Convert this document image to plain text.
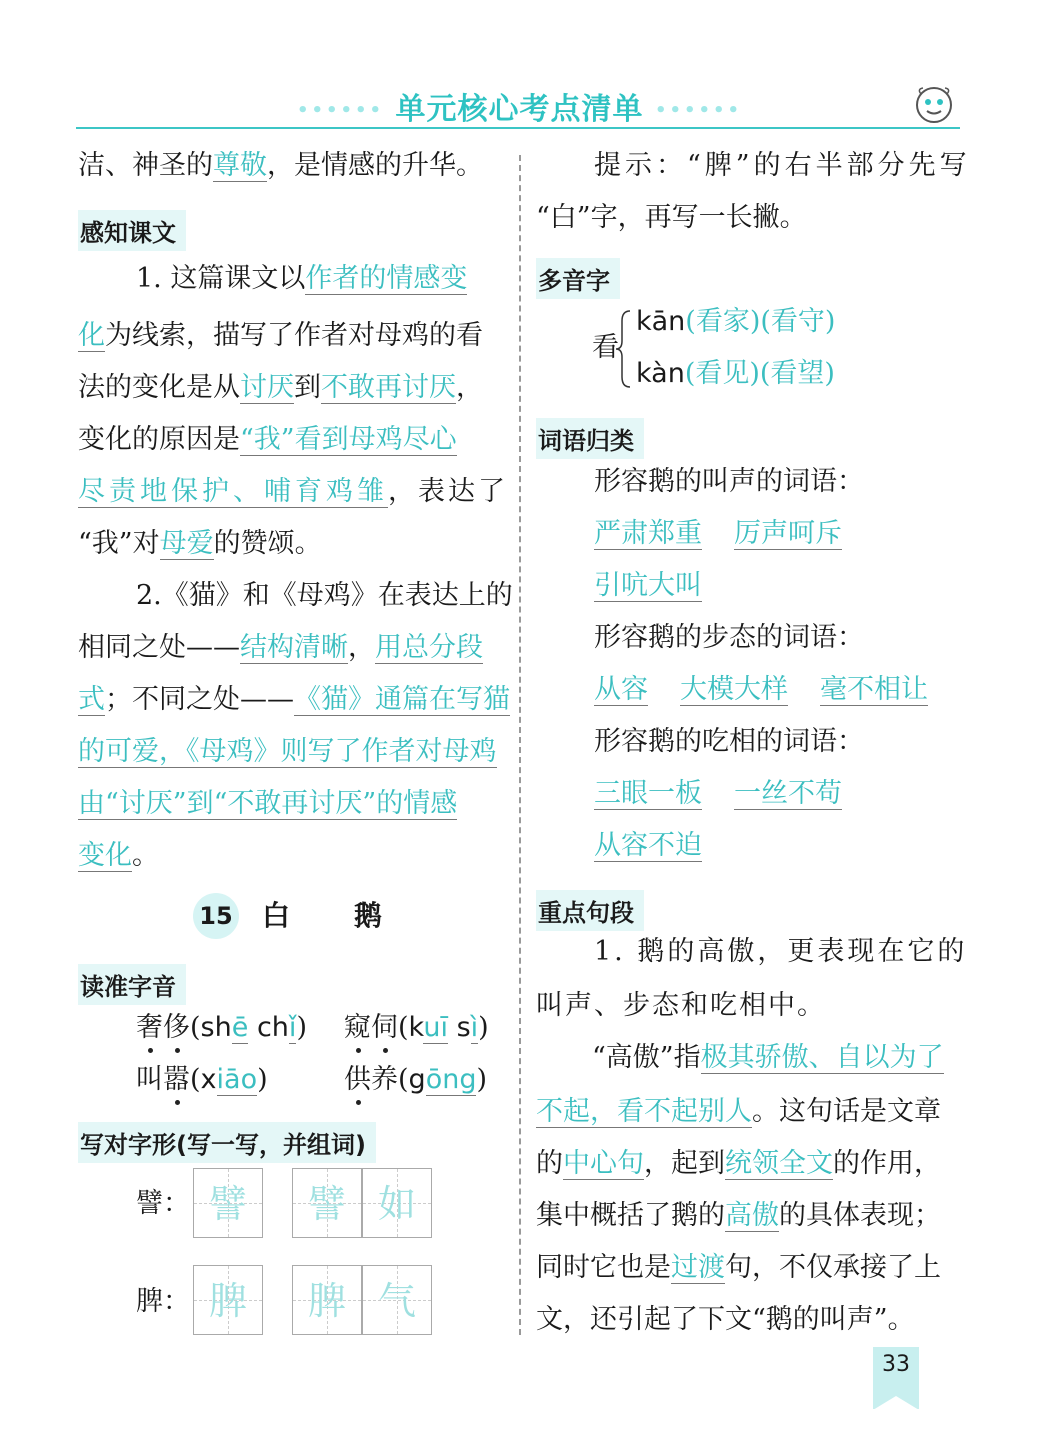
•••••• 单元核心考点清单 ••••••
洁、神圣的尊敬，是情感的升华。
感知课文
1. 这篇课文以作者的情感变
化为线索，描写了作者对母鸡的看
法的变化是从讨厌到不敢再讨厌，
变化的原因是“我”看到母鸡尽心
尽责地保护、哺育鸡雏，表达了
“我”对母爱的赞颂。
2.《猫》和《母鸡》在表达上的
相同之处——结构清晰，用总分段
式；不同之处——《猫》通篇在写猫
的可爱，《母鸡》则写了作者对母鸡
由“讨厌”到“不敢再讨厌”的情感
变化。
15 白 鹅
读准字音
奢侈(shē chǐ) 窥伺(kuī sì)
叫嚣(xiāo)	供养(gōng)
写对字形(写一写，并组词)
譬： 譬	譬 如
脾： 脾	脾 气
提示：“脾”的右半部分先写
“白”字，再写一长撇。
多音字
看
kān(看家)(看守)
kàn(看见)(看望)
词语归类
形容鹅的叫声的词语：
严肃郑重 厉声呵斥
引吭大叫
形容鹅的步态的词语：
从容 大模大样 毫不相让
形容鹅的吃相的词语：
三眼一板 一丝不苟
从容不迫
重点句段
1. 鹅的高傲，更表现在它的
叫声、步态和吃相中。
“高傲”指极其骄傲、自以为了
不起，看不起别人。这句话是文章
的中心句，起到统领全文的作用，
集中概括了鹅的高傲的具体表现；
同时它也是过渡句，不仅承接了上
文，还引起了下文“鹅的叫声”。
33
